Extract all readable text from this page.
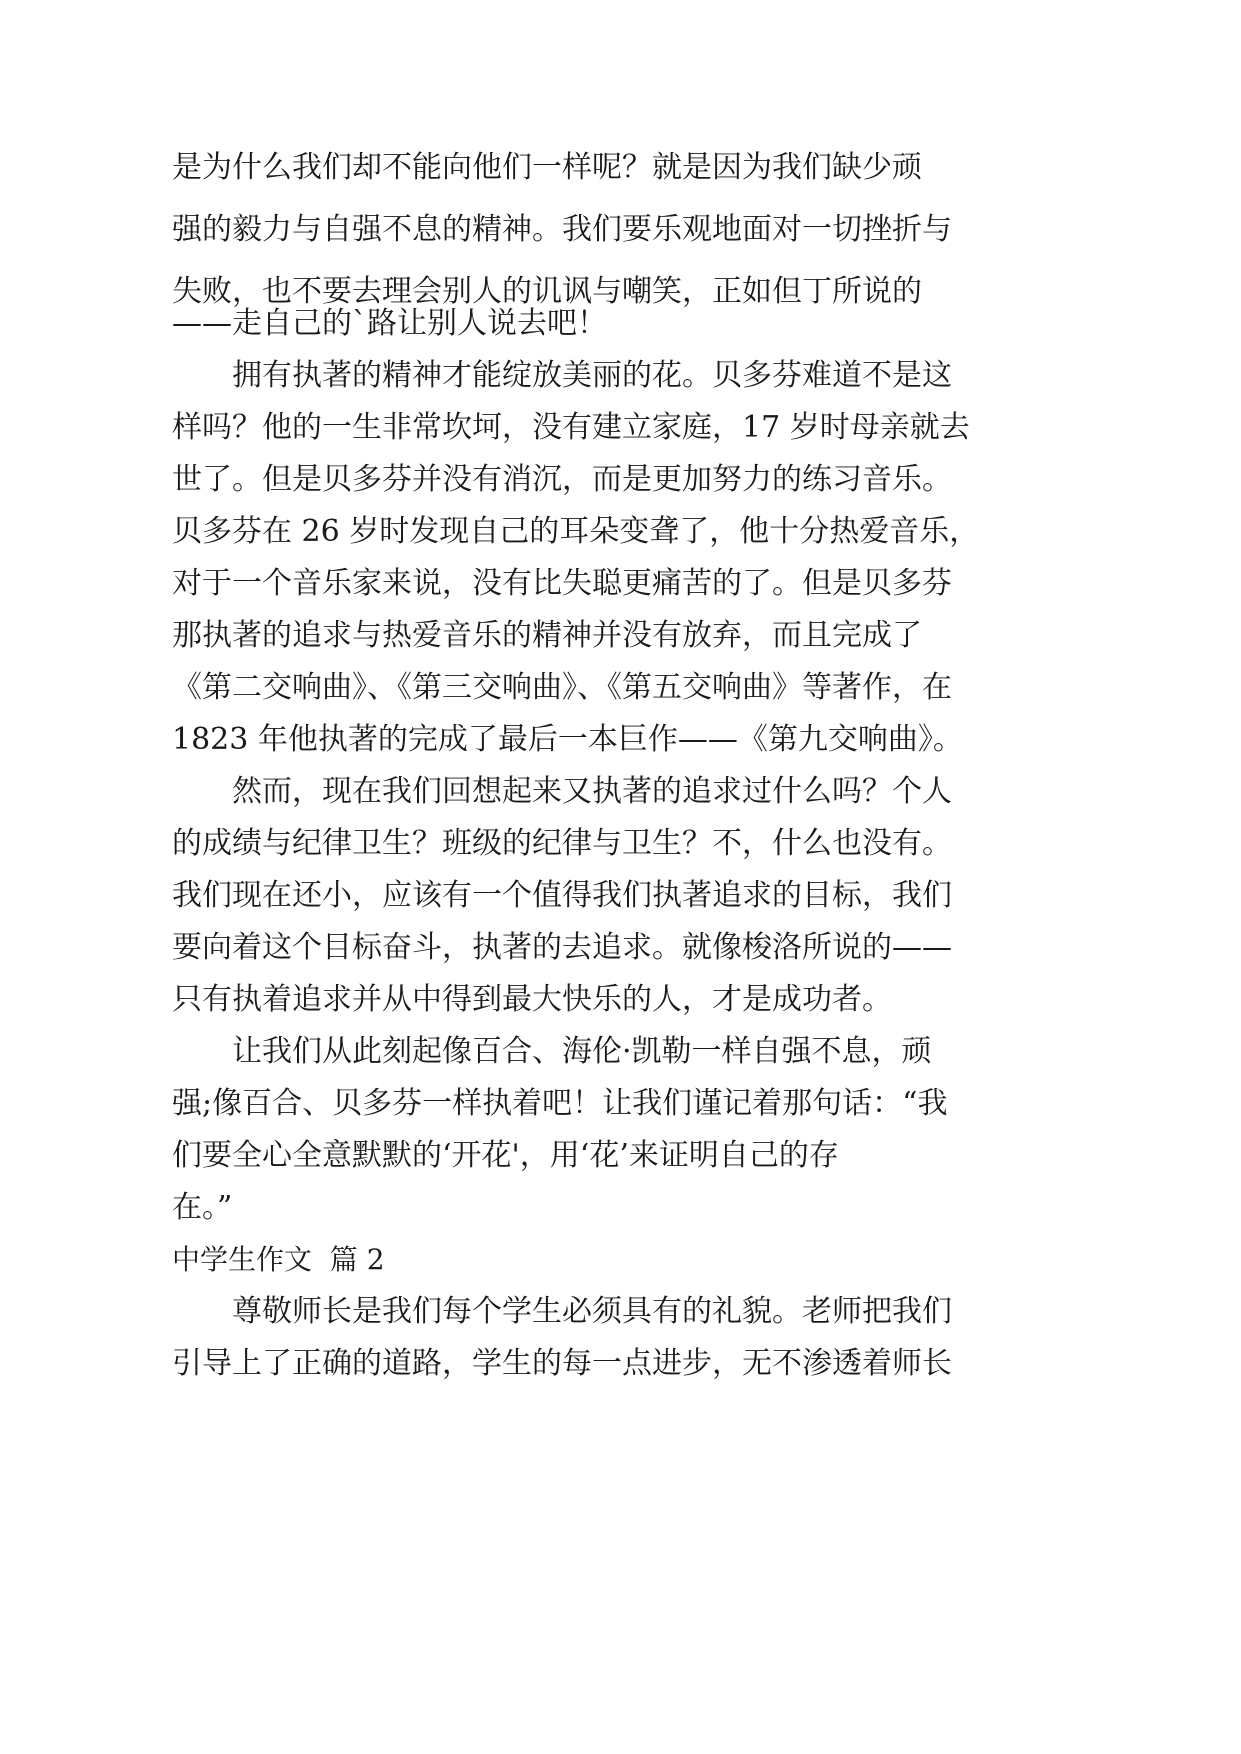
是为什么我们却不能向他们一样呢？就是因为我们缺少顽
强的毅力与自强不息的精神。我们要乐观地面对一切挫折与
失败，也不要去理会别人的讥讽与嘲笑，正如但丁所说的
——走自己的`路让别人说去吧！
　　拥有执著的精神才能绽放美丽的花。贝多芬难道不是这
样吗？他的一生非常坎坷，没有建立家庭，17 岁时母亲就去
世了。但是贝多芬并没有消沉，而是更加努力的练习音乐。
贝多芬在 26 岁时发现自己的耳朵变聋了，他十分热爱音乐，
对于一个音乐家来说，没有比失聪更痛苦的了。但是贝多芬
那执著的追求与热爱音乐的精神并没有放弃，而且完成了
《第二交响曲》、《第三交响曲》、《第五交响曲》等著作，在
1823 年他执著的完成了最后一本巨作——《第九交响曲》。
　　然而，现在我们回想起来又执著的追求过什么吗？个人
的成绩与纪律卫生？班级的纪律与卫生？不，什么也没有。
我们现在还小，应该有一个值得我们执著追求的目标，我们
要向着这个目标奋斗，执著的去追求。就像梭洛所说的——
只有执着追求并从中得到最大快乐的人，才是成功者。
　　让我们从此刻起像百合、海伦·凯勒一样自强不息，顽
强;像百合、贝多芬一样执着吧！让我们谨记着那句话：“我
们要全心全意默默的‘开花'，用‘花’来证明自己的存
在。”
中学生作文  篇 2
　　尊敬师长是我们每个学生必须具有的礼貌。老师把我们
引导上了正确的道路，学生的每一点进步，无不渗透着师长
